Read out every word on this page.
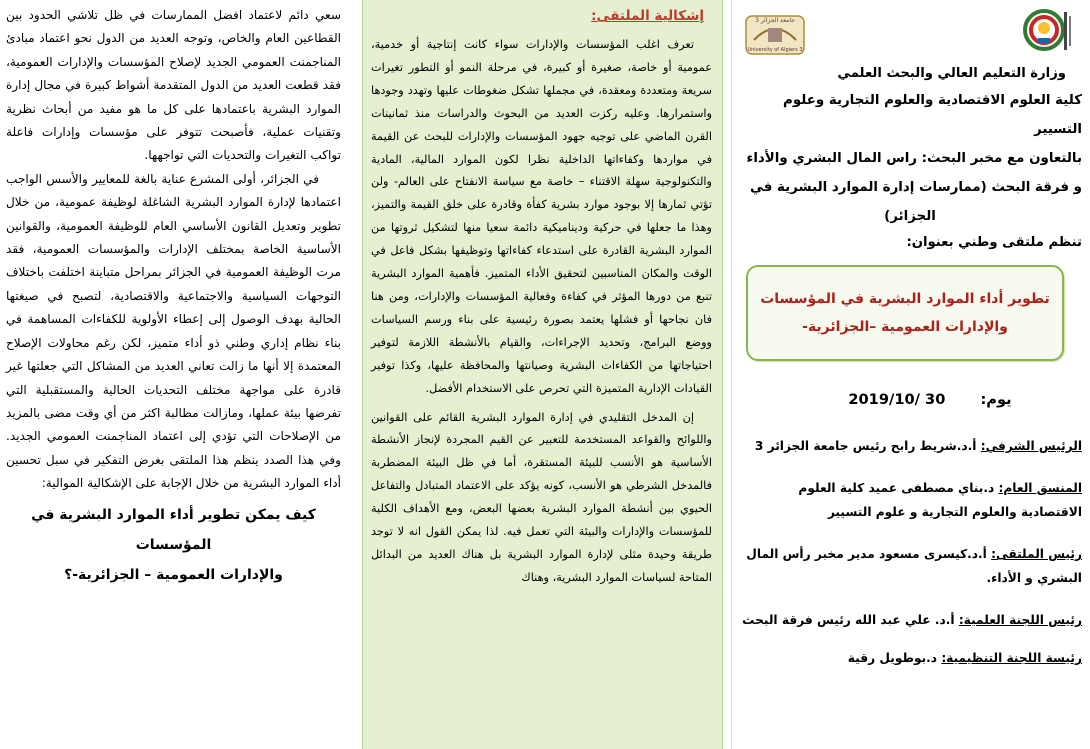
سعي دائم لاعتماد افضل الممارسات في ظل تلاشي الحدود بين القطاعين العام والخاص، وتوجه العديد من الدول نحو اعتماد مبادئ المناجمنت العمومي الجديد لإصلاح المؤسسات والإدارات العمومية، فقد قطعت العديد من الدول المتقدمة أشواط كبيرة في مجال إدارة الموارد البشرية باعتمادها على كل ما هو مفيد من أبحاث نظرية وتقنيات عملية، فأصبحت تتوفر على مؤسسات وإدارات فاعلة تواكب التغيرات والتحديات التي تواجهها.

في الجزائر، أولى المشرع عناية بالغة للمعايير والأسس الواجب اعتمادها لإدارة الموارد البشرية الشاغلة لوظيفة عمومية، من خلال تطوير وتعديل القانون الأساسي العام للوظيفة العمومية، والقوانين الأساسية الخاصة بمختلف الإدارات والمؤسسات العمومية، فقد مرت الوظيفة العمومية في الجزائر بمراحل متباينة اختلفت باختلاف التوجهات السياسية والاجتماعية والاقتصادية، لتصبح في صيغتها الحالية بهدف الوصول إلى إعطاء الأولوية للكفاءات المساهمة في بناء نظام إداري وطني ذو أداء متميز، لكن رغم محاولات الإصلاح المعتمدة إلا أنها ما زالت تعاني العديد من المشاكل التي جعلتها غير قادرة على مواجهة مختلف التحديات الحالية والمستقبلية التي تفرضها بيئة عملها، ومازالت مطالبة اكثر من أي وقت مضى بالمزيد من الإصلاحات التي تؤدي إلى اعتماد المناجمنت العمومي الجديد. وفي هذا الصدد ينظم هذا الملتقى بغرض التفكير في سبل تحسين أداء الموارد البشرية من خلال الإجابة على الإشكالية الموالية:

كيف يمكن تطوير أداء الموارد البشرية في المؤسسات
والإدارات العمومية – الجزائرية-؟
إشكالية الملتقى:

تعرف اغلب المؤسسات والإدارات سواء كانت إنتاجية أو خدمية، عمومية أو خاصة، صغيرة أو كبيرة، في مرحلة النمو أو التطور تغيرات سريعة ومتعددة ومعقدة، في مجملها تشكل ضغوطات عليها وتهدد وجودها واستمرارها. وعليه ركزت العديد من البحوث والدراسات منذ ثمانينات القرن الماضي على توجيه جهود المؤسسات والإدارات للبحث عن القيمة في مواردها وكفاءاتها الداخلية نظرا لكون الموارد المالية، المادية والتكنولوجية سهلة الاقتناء – خاصة مع سياسة الانفتاح على العالم- ولن تؤتي ثمارها إلا بوجود موارد بشرية كفأة وقادرة على خلق القيمة والتميز، وهذا ما جعلها في حركية وديناميكية دائمة سعيا منها لتشكيل ثروتها من الموارد البشرية القادرة على استدعاء كفاءاتها وتوظيفها بشكل فاعل في الوقت والمكان المناسبين لتحقيق الأداء المتميز. فأهمية الموارد البشرية تنبع من دورها المؤثر في كفاءة وفعالية المؤسسات والإدارات، ومن هنا فان نجاحها أو فشلها يعتمد بصورة رئيسية على بناء ورسم السياسات ووضع البرامج، وتحديد الإجراءات، والقيام بالأنشطة اللازمة لتوفير احتياجاتها من الكفاءات البشرية وصيانتها والمحافظة عليها، وكذا توفير القيادات الإدارية المتميزة التي تحرص على الاستخدام الأفضل.

إن المدخل التقليدي في إدارة الموارد البشرية القائم على القوانين واللوائح والقواعد المستخدمة للتعبير عن القيم المجردة لإنجاز الأنشطة الأساسية هو الأنسب للبيئة المستقرة، أما في ظل البيئة المضطربة فالمدخل الشرطي هو الأنسب، كونه يؤكد على الاعتماد المتبادل والتفاعل الحيوي بين أنشطة الموارد البشرية بعضها البعض، ومع الأهداف الكلية للمؤسسات والإدارات والبيئة التي تعمل فيه. لذا يمكن القول انه لا توجد طريقة وحيدة مثلى لإدارة الموارد البشرية بل هناك العديد من البدائل المتاحة لسياسات الموارد البشرية، وهناك

جامعة الجزائر 3
University of Algiers 3
وزارة التعليم العالي والبحث العلمي
كلية العلوم الاقتصادية والعلوم التجارية وعلوم التسيير
بالتعاون مع مخبر البحث: راس المال البشري والأداء
و فرقة البحث (ممارسات إدارة الموارد البشرية في
الجزائر)
تنظم ملتقى وطني بعنوان:
تطوير أداء الموارد البشرية في المؤسسات
والإدارات العمومية –الجزائرية-
يوم: 2019/10/ 30
الرئيس الشرفي: أ.د.شريط رابح رئيس جامعة الجزائر 3
المنسق العام: د.بناي مصطفى عميد كلية العلوم الاقتصادية والعلوم التجارية و علوم التسيير
رئيس الملتقى: أ.د.كيسرى مسعود مدير مخبر رأس المال البشري و الأداء.
رئيس اللجنة العلمية: أ.د. علي عبد الله رئيس فرقة البحث
رئيسة اللجنة التنظيمية: د.بوطويل رقية
